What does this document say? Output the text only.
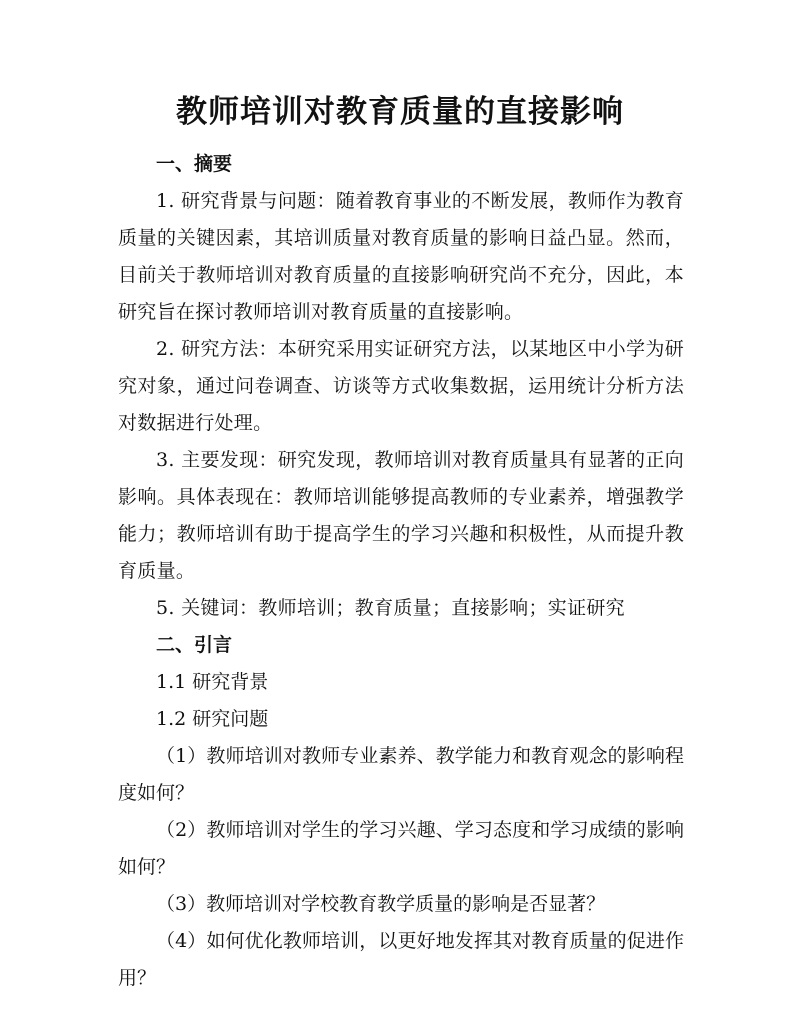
教师培训对教育质量的直接影响

一、摘要

1. 研究背景与问题：随着教育事业的不断发展，教师作为教育质量的关键因素，其培训质量对教育质量的影响日益凸显。然而，目前关于教师培训对教育质量的直接影响研究尚不充分，因此，本研究旨在探讨教师培训对教育质量的直接影响。

2. 研究方法：本研究采用实证研究方法，以某地区中小学为研究对象，通过问卷调查、访谈等方式收集数据，运用统计分析方法对数据进行处理。

3. 主要发现：研究发现，教师培训对教育质量具有显著的正向影响。具体表现在：教师培训能够提高教师的专业素养，增强教学能力；教师培训有助于提高学生的学习兴趣和积极性，从而提升教育质量。

5. 关键词：教师培训；教育质量；直接影响；实证研究

二、引言

1.1 研究背景

1.2 研究问题

（1）教师培训对教师专业素养、教学能力和教育观念的影响程度如何？

（2）教师培训对学生的学习兴趣、学习态度和学习成绩的影响如何？

（3）教师培训对学校教育教学质量的影响是否显著？

（4）如何优化教师培训，以更好地发挥其对教育质量的促进作用？
